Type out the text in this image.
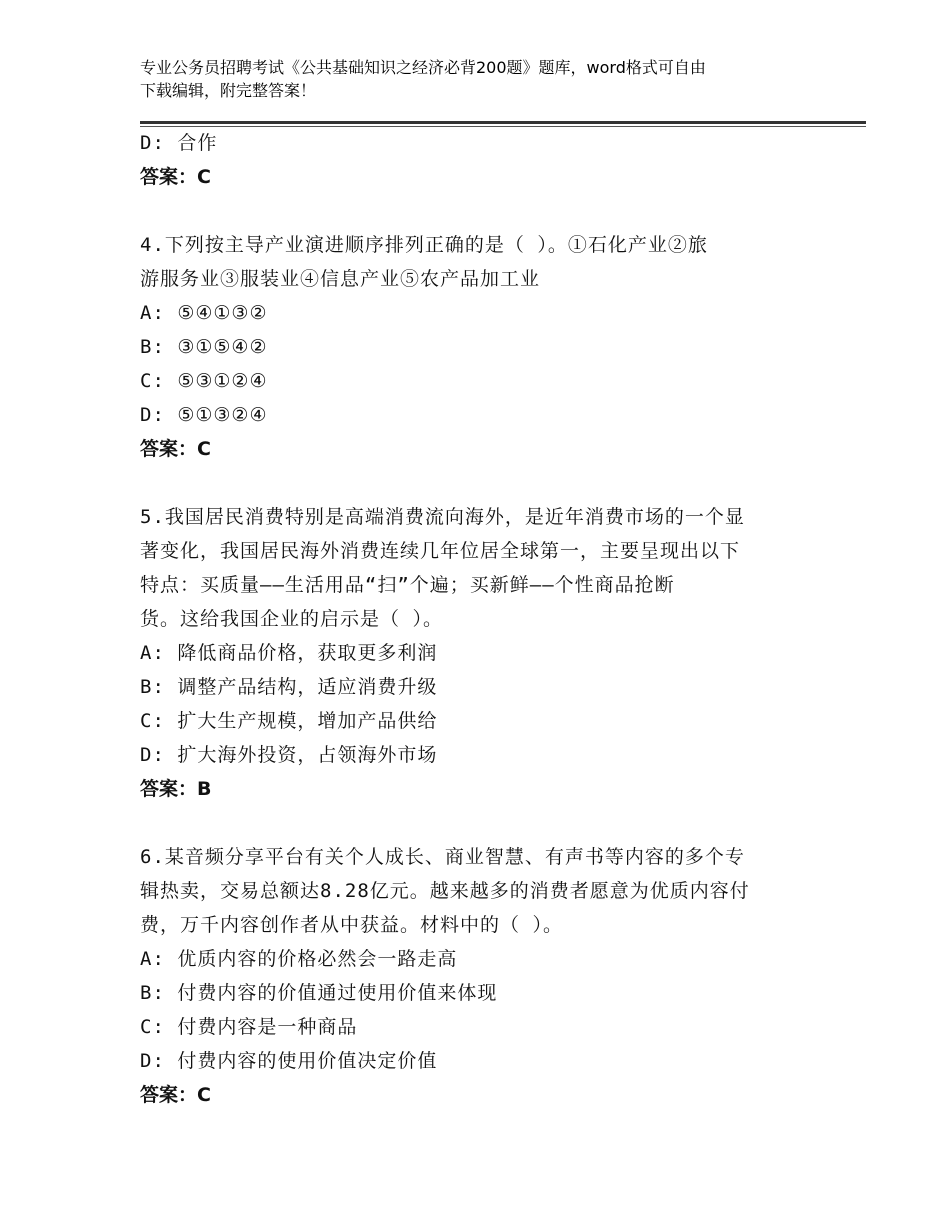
专业公务员招聘考试《公共基础知识之经济必背200题》题库，word格式可自由
下载编辑，附完整答案！
D: 合作
答案：C
4.下列按主导产业演进顺序排列正确的是（ ）。①石化产业②旅
游服务业③服装业④信息产业⑤农产品加工业
A: ⑤④①③②
B: ③①⑤④②
C: ⑤③①②④
D: ⑤①③②④
答案：C
5.我国居民消费特别是高端消费流向海外，是近年消费市场的一个显
著变化，我国居民海外消费连续几年位居全球第一，主要呈现出以下
特点：买质量——生活用品“扫”个遍；买新鲜——个性商品抢断
货。这给我国企业的启示是（ ）。
A: 降低商品价格，获取更多利润
B: 调整产品结构，适应消费升级
C: 扩大生产规模，增加产品供给
D: 扩大海外投资，占领海外市场
答案：B
6.某音频分享平台有关个人成长、商业智慧、有声书等内容的多个专
辑热卖，交易总额达8.28亿元。越来越多的消费者愿意为优质内容付
费，万千内容创作者从中获益。材料中的（ ）。
A: 优质内容的价格必然会一路走高
B: 付费内容的价值通过使用价值来体现
C: 付费内容是一种商品
D: 付费内容的使用价值决定价值
答案：C
